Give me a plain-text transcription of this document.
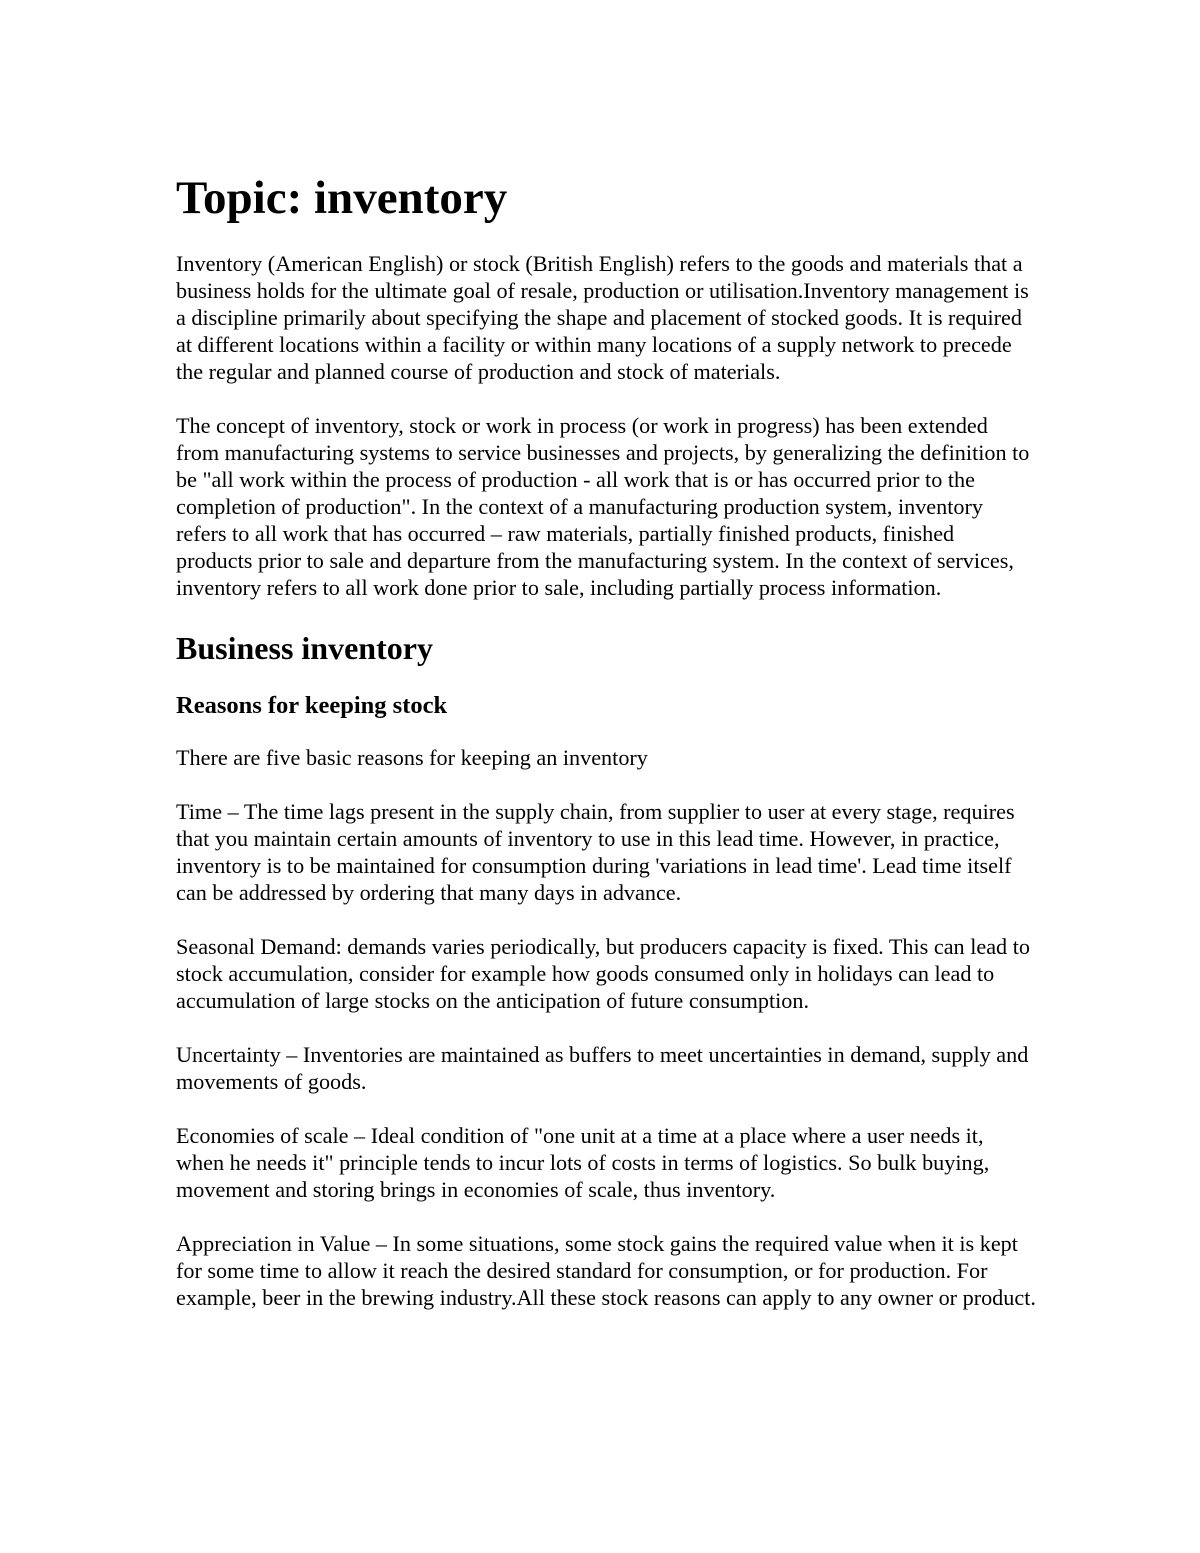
Topic: inventory

Inventory (American English) or stock (British English) refers to the goods and materials that a business holds for the ultimate goal of resale, production or utilisation.Inventory management is a discipline primarily about specifying the shape and placement of stocked goods. It is required at different locations within a facility or within many locations of a supply network to precede the regular and planned course of production and stock of materials.

The concept of inventory, stock or work in process (or work in progress) has been extended from manufacturing systems to service businesses and projects, by generalizing the definition to be "all work within the process of production - all work that is or has occurred prior to the completion of production". In the context of a manufacturing production system, inventory refers to all work that has occurred – raw materials, partially finished products, finished products prior to sale and departure from the manufacturing system. In the context of services, inventory refers to all work done prior to sale, including partially process information.

Business inventory
Reasons for keeping stock

There are five basic reasons for keeping an inventory

Time – The time lags present in the supply chain, from supplier to user at every stage, requires that you maintain certain amounts of inventory to use in this lead time. However, in practice, inventory is to be maintained for consumption during 'variations in lead time'. Lead time itself can be addressed by ordering that many days in advance.

Seasonal Demand: demands varies periodically, but producers capacity is fixed. This can lead to stock accumulation, consider for example how goods consumed only in holidays can lead to accumulation of large stocks on the anticipation of future consumption.

Uncertainty – Inventories are maintained as buffers to meet uncertainties in demand, supply and movements of goods.

Economies of scale – Ideal condition of "one unit at a time at a place where a user needs it, when he needs it" principle tends to incur lots of costs in terms of logistics. So bulk buying, movement and storing brings in economies of scale, thus inventory.

Appreciation in Value – In some situations, some stock gains the required value when it is kept for some time to allow it reach the desired standard for consumption, or for production. For example, beer in the brewing industry.All these stock reasons can apply to any owner or product.
